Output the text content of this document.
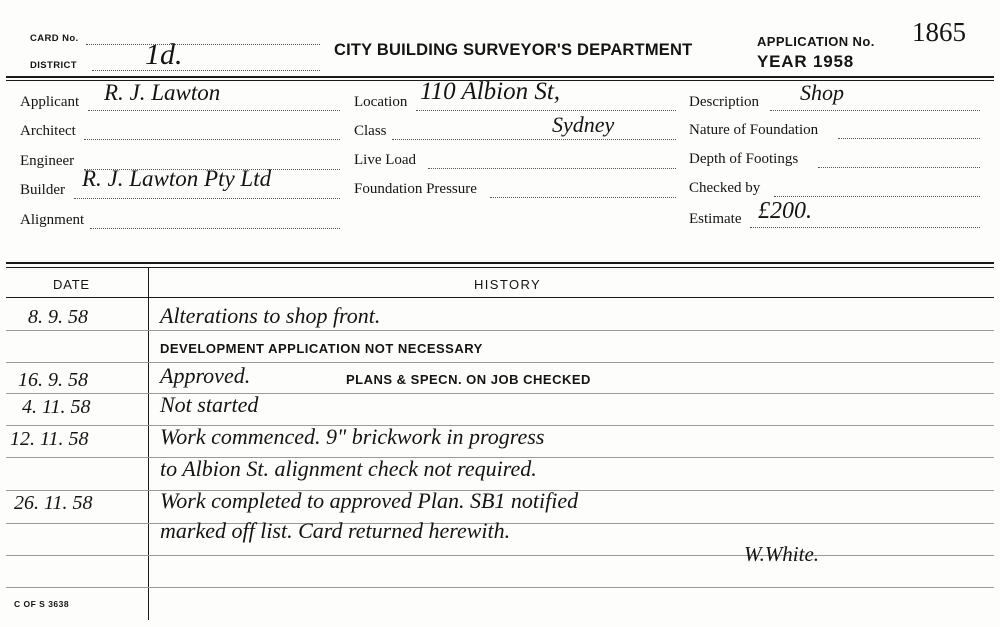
CARD No.
DISTRICT 1d.	CITY BUILDING SURVEYOR'S DEPARTMENT	APPLICATION No. 1865
YEAR 1958
Applicant R. J. Lawton
Architect
Engineer
Builder R. J. Lawton Pty Ltd
Alignment
Location 110 Albion St,
Class	Sydney
Live Load
Foundation Pressure
Description Shop
Nature of Foundation
Depth of Footings
Checked by
Estimate £200.
DATE	HISTORY
8. 9. 58	Alterations to shop front.
DEVELOPMENT APPLICATION NOT NECESSARY
16. 9. 58	Approved.	PLANS & SPECN. ON JOB CHECKED
4. 11. 58	Not started
12. 11. 58	Work commenced. 9" brickwork in progress
to Albion St. alignment check not required.
26. 11. 58	Work completed to approved Plan. SB1 notified
marked off list. Card returned herewith.
W.White.
C OF S 3638
